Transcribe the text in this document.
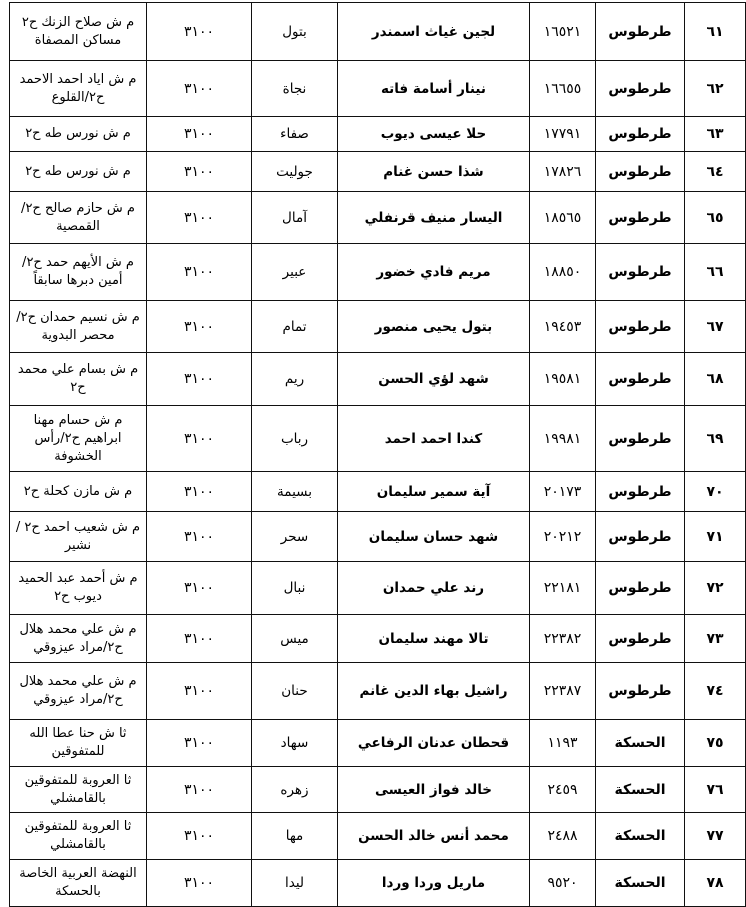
٦١	طرطوس	١٦٥٢١	لجين غياث اسمندر	بتول	٣١٠٠	م ش صلاح الزنك ح٢ مساكن المصفاة
٦٢	طرطوس	١٦٦٥٥	نينار أسامة فاته	نجاة	٣١٠٠	م ش اياد احمد الاحمد ح٢/القلوع
٦٣	طرطوس	١٧٧٩١	حلا عيسى ديوب	صفاء	٣١٠٠	م ش نورس طه ح٢
٦٤	طرطوس	١٧٨٢٦	شذا حسن غنام	جوليت	٣١٠٠	م ش نورس طه ح٢
٦٥	طرطوس	١٨٥٦٥	اليسار منيف قرنفلي	آمال	٣١٠٠	م ش حازم صالح ح٢/القمصية
٦٦	طرطوس	١٨٨٥٠	مريم فادي خضور	عبير	٣١٠٠	م ش الأيهم حمد ح٢/أمين دبرها سابقاً
٦٧	طرطوس	١٩٤٥٣	بتول يحيى منصور	تمام	٣١٠٠	م ش نسيم حمدان ح٢/ محصر البدوية
٦٨	طرطوس	١٩٥٨١	شهد لؤي الحسن	ريم	٣١٠٠	م ش بسام علي محمد ح٢
٦٩	طرطوس	١٩٩٨١	كندا احمد احمد	رباب	٣١٠٠	م ش حسام مهنا ابراهيم ح٢/رأس الخشوفة
٧٠	طرطوس	٢٠١٧٣	آية سمير سليمان	بسيمة	٣١٠٠	م ش مازن كحلة ح٢
٧١	طرطوس	٢٠٢١٢	شهد حسان سليمان	سحر	٣١٠٠	م ش شعيب احمد ح٢ /نشير
٧٢	طرطوس	٢٢١٨١	رند علي حمدان	نبال	٣١٠٠	م ش أحمد عبد الحميد ديوب ح٢
٧٣	طرطوس	٢٢٣٨٢	تالا مهند سليمان	ميس	٣١٠٠	م ش علي محمد هلال ح٢/مراد عيزوقي
٧٤	طرطوس	٢٢٣٨٧	راشيل بهاء الدين غانم	حنان	٣١٠٠	م ش علي محمد هلال ح٢/مراد عيزوقي
٧٥	الحسكة	١١٩٣	قحطان عدنان الرفاعي	سهاد	٣١٠٠	ثا ش حنا عطا الله للمتفوقين
٧٦	الحسكة	٢٤٥٩	خالد فواز العيسى	زهره	٣١٠٠	ثا العروبة للمتفوقين بالقامشلي
٧٧	الحسكة	٢٤٨٨	محمد أنس خالد الحسن	مها	٣١٠٠	ثا العروبة للمتفوقين بالقامشلي
٧٨	الحسكة	٩٥٢٠	ماريل وردا وردا	ليدا	٣١٠٠	النهضة العربية الخاصة بالحسكة
